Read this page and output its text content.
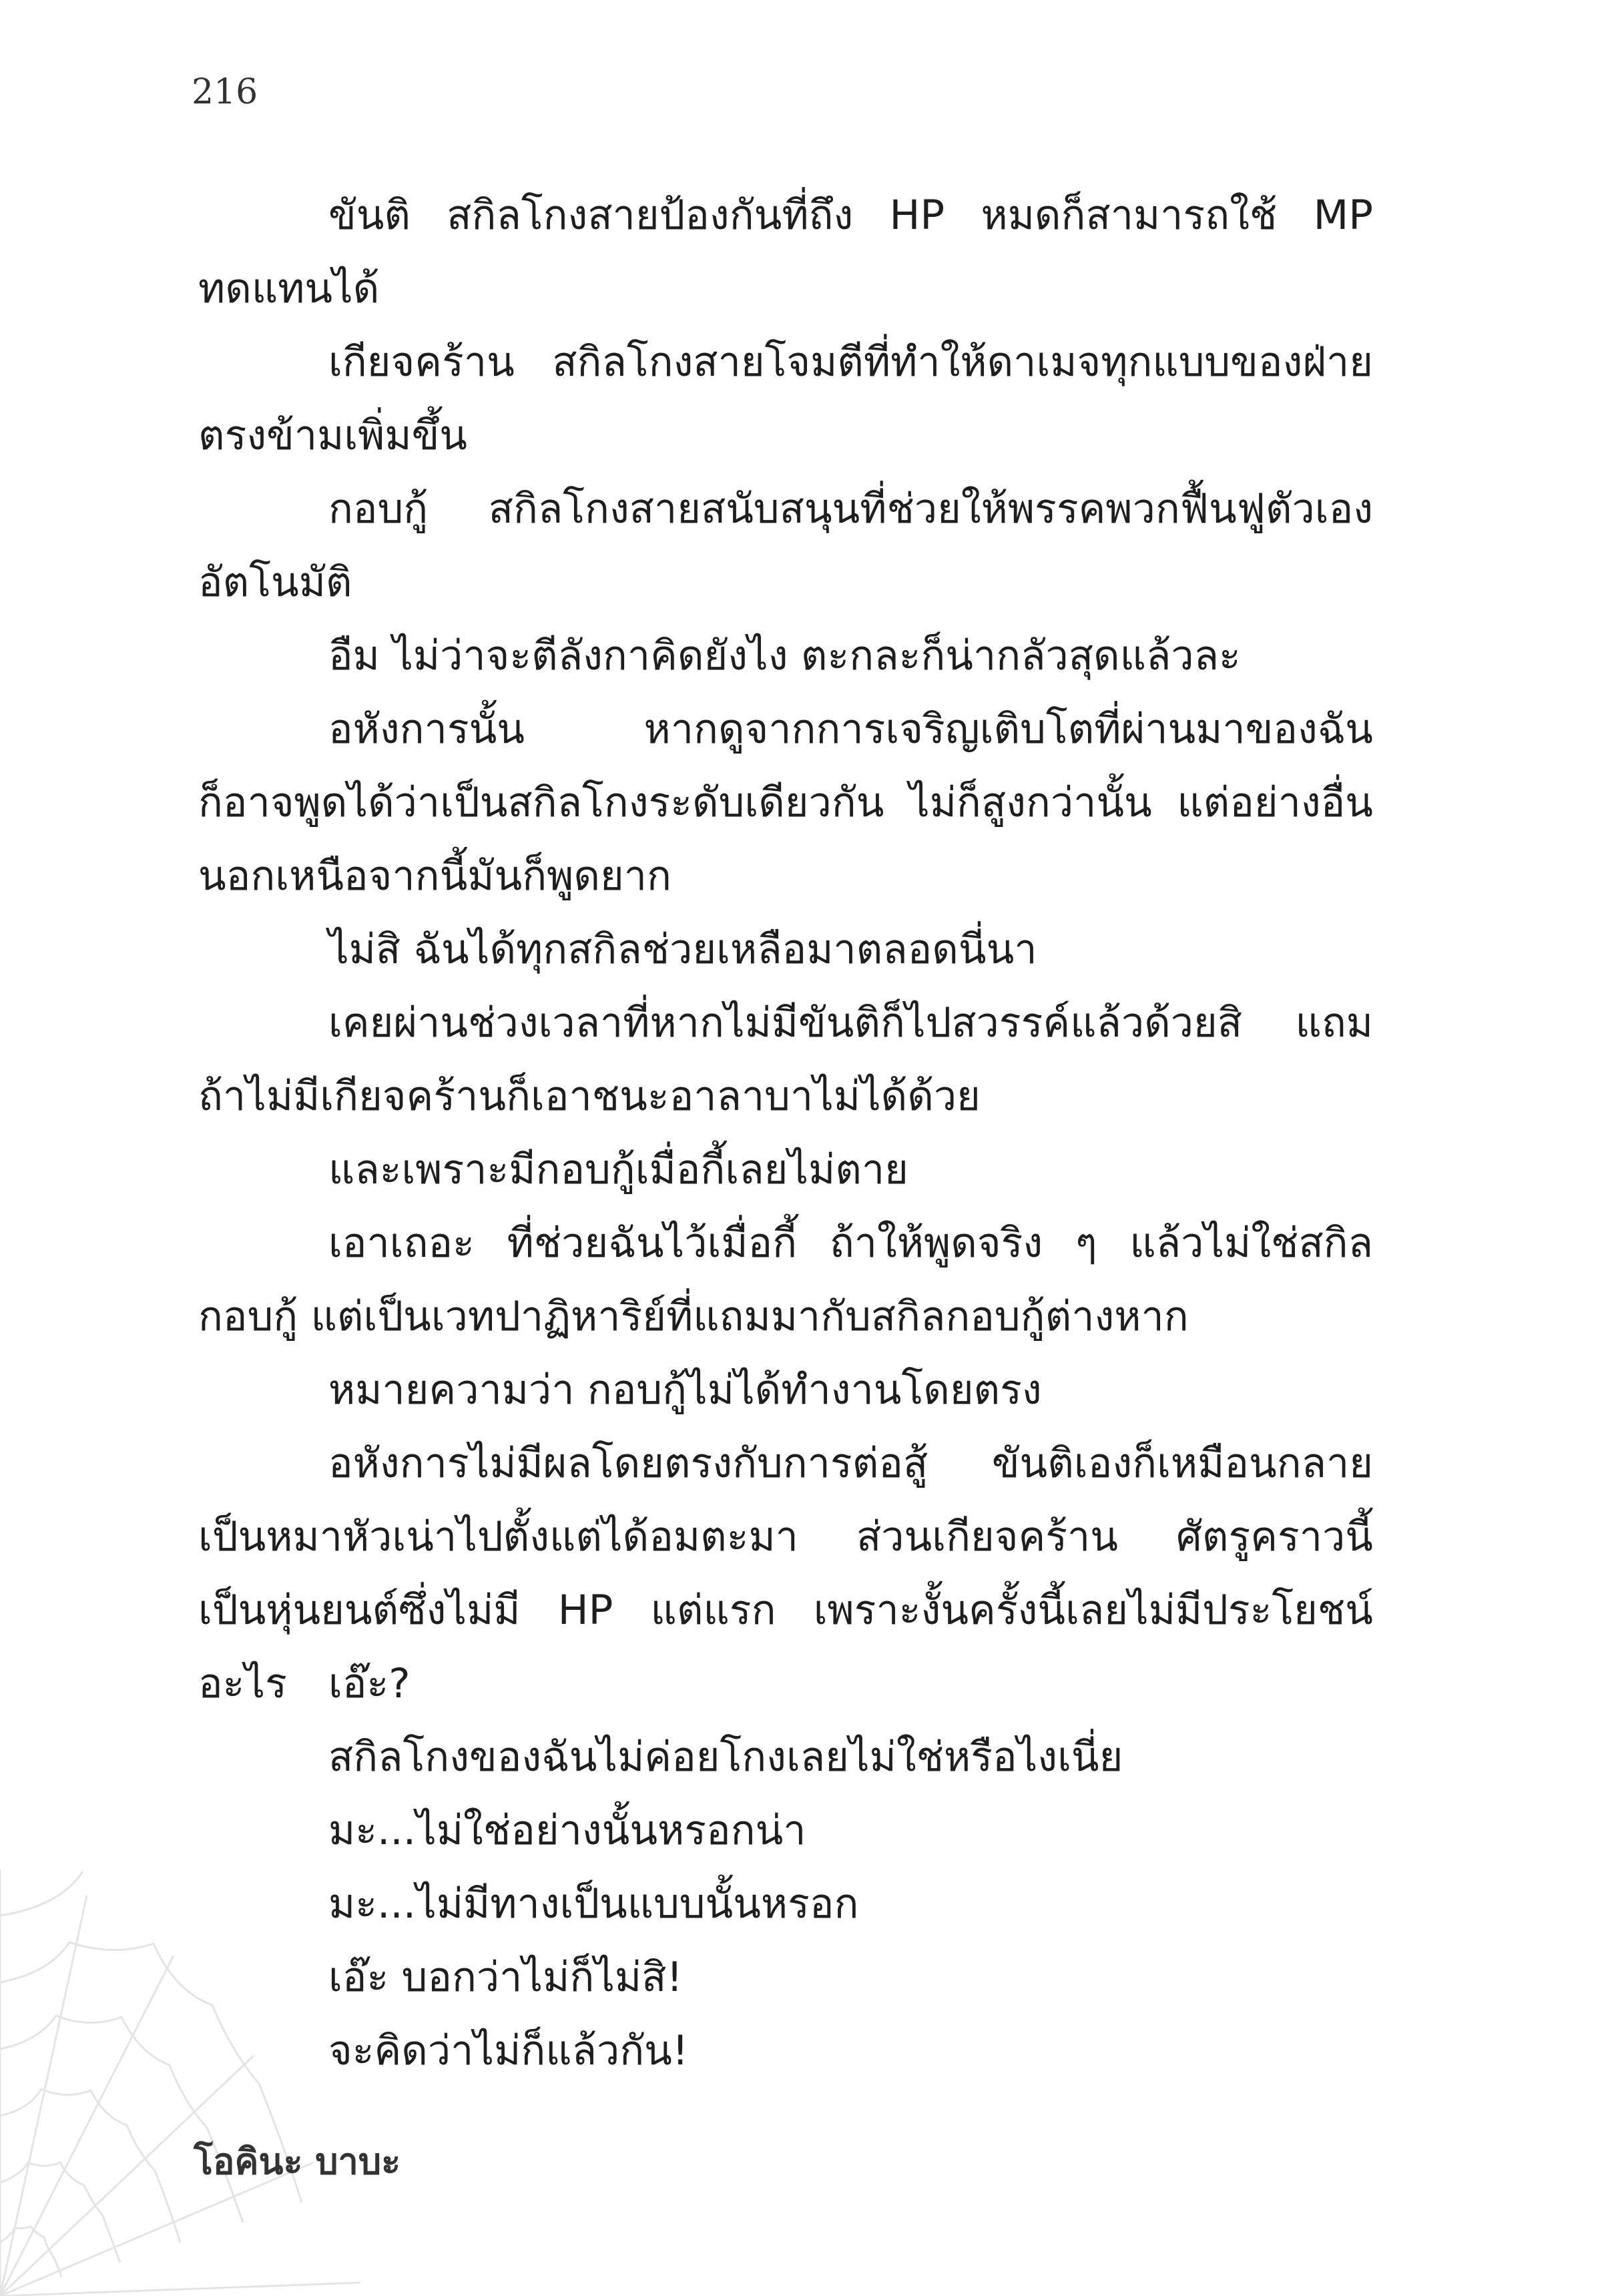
216
ขันติ สกิลโกงสายป้องกันที่ถึง HP หมดก็สามารถใช้ MP
ทดแทนได้
เกียจคร้าน สกิลโกงสายโจมตีที่ทำให้ดาเมจทุกแบบของฝ่าย
ตรงข้ามเพิ่มขึ้น
กอบกู้ สกิลโกงสายสนับสนุนที่ช่วยให้พรรคพวกฟื้นฟูตัวเอง
อัตโนมัติ
อืม ไม่ว่าจะตีลังกาคิดยังไง ตะกละก็น่ากลัวสุดแล้วละ
อหังการนั้น หากดูจากการเจริญเติบโตที่ผ่านมาของฉัน
ก็อาจพูดได้ว่าเป็นสกิลโกงระดับเดียวกัน ไม่ก็สูงกว่านั้น แต่อย่างอื่น
นอกเหนือจากนี้มันก็พูดยาก
ไม่สิ ฉันได้ทุกสกิลช่วยเหลือมาตลอดนี่นา
เคยผ่านช่วงเวลาที่หากไม่มีขันติก็ไปสวรรค์แล้วด้วยสิ แถม
ถ้าไม่มีเกียจคร้านก็เอาชนะอาลาบาไม่ได้ด้วย
และเพราะมีกอบกู้เมื่อกี้เลยไม่ตาย
เอาเถอะ ที่ช่วยฉันไว้เมื่อกี้ ถ้าให้พูดจริง ๆ แล้วไม่ใช่สกิล
กอบกู้ แต่เป็นเวทปาฏิหาริย์ที่แถมมากับสกิลกอบกู้ต่างหาก
หมายความว่า กอบกู้ไม่ได้ทำงานโดยตรง
อหังการไม่มีผลโดยตรงกับการต่อสู้ ขันติเองก็เหมือนกลาย
เป็นหมาหัวเน่าไปตั้งแต่ได้อมตะมา ส่วนเกียจคร้าน ศัตรูคราวนี้
เป็นหุ่นยนต์ซึ่งไม่มี HP แต่แรก เพราะงั้นครั้งนี้เลยไม่มีประโยชน์อะไร	เอ๊ะ?
สกิลโกงของฉันไม่ค่อยโกงเลยไม่ใช่หรือไงเนี่ย
มะ...ไม่ใช่อย่างนั้นหรอกน่า
มะ...ไม่มีทางเป็นแบบนั้นหรอก
เอ๊ะ บอกว่าไม่ก็ไม่สิ!
จะคิดว่าไม่ก็แล้วกัน!
โอคินะ บาบะ
